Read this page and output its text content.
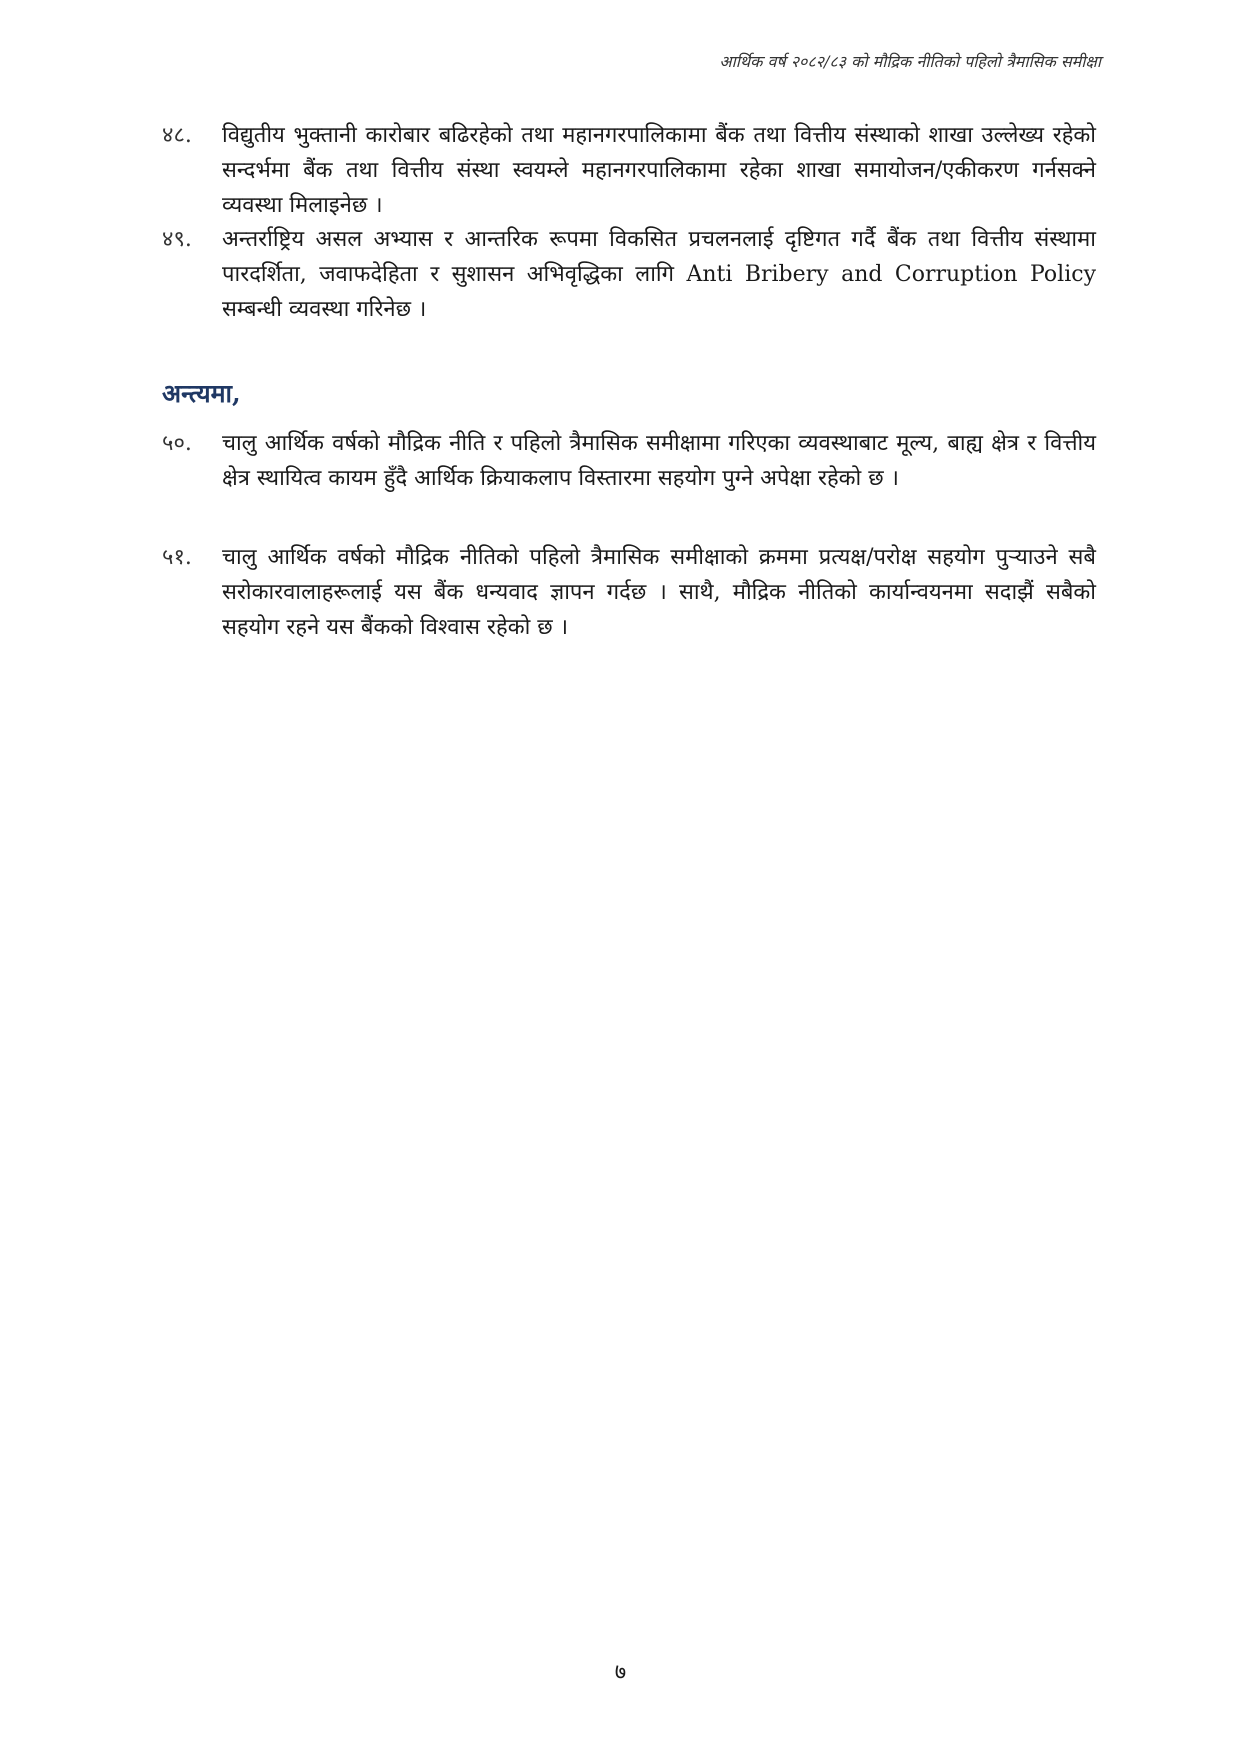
आर्थिक वर्ष २०८२/८३ को मौद्रिक नीतिको पहिलो त्रैमासिक समीक्षा
४८.	विद्युतीय भुक्तानी कारोबार बढिरहेको तथा महानगरपालिकामा बैंक तथा वित्तीय संस्थाको शाखा उल्लेख्य रहेको सन्दर्भमा बैंक तथा वित्तीय संस्था स्वयम्ले महानगरपालिकामा रहेका शाखा समायोजन/एकीकरण गर्नसक्ने व्यवस्था मिलाइनेछ ।
४९.	अन्तर्राष्ट्रिय असल अभ्यास र आन्तरिक रूपमा विकसित प्रचलनलाई दृष्टिगत गर्दै बैंक तथा वित्तीय संस्थामा पारदर्शिता, जवाफदेहिता र सुशासन अभिवृद्धिका लागि Anti Bribery and Corruption Policy सम्बन्धी व्यवस्था गरिनेछ ।
अन्त्यमा,
५०.	चालु आर्थिक वर्षको मौद्रिक नीति र पहिलो त्रैमासिक समीक्षामा गरिएका व्यवस्थाबाट मूल्य, बाह्य क्षेत्र र वित्तीय क्षेत्र स्थायित्व कायम हुँदै आर्थिक क्रियाकलाप विस्तारमा सहयोग पुग्ने अपेक्षा रहेको छ ।
५१.	चालु आर्थिक वर्षको मौद्रिक नीतिको पहिलो त्रैमासिक समीक्षाको क्रममा प्रत्यक्ष/परोक्ष सहयोग पुर्‍याउने सबै सरोकारवालाहरूलाई यस बैंक धन्यवाद ज्ञापन गर्दछ । साथै, मौद्रिक नीतिको कार्यान्वयनमा सदाझैं सबैको सहयोग रहने यस बैंकको विश्वास रहेको छ ।
७
